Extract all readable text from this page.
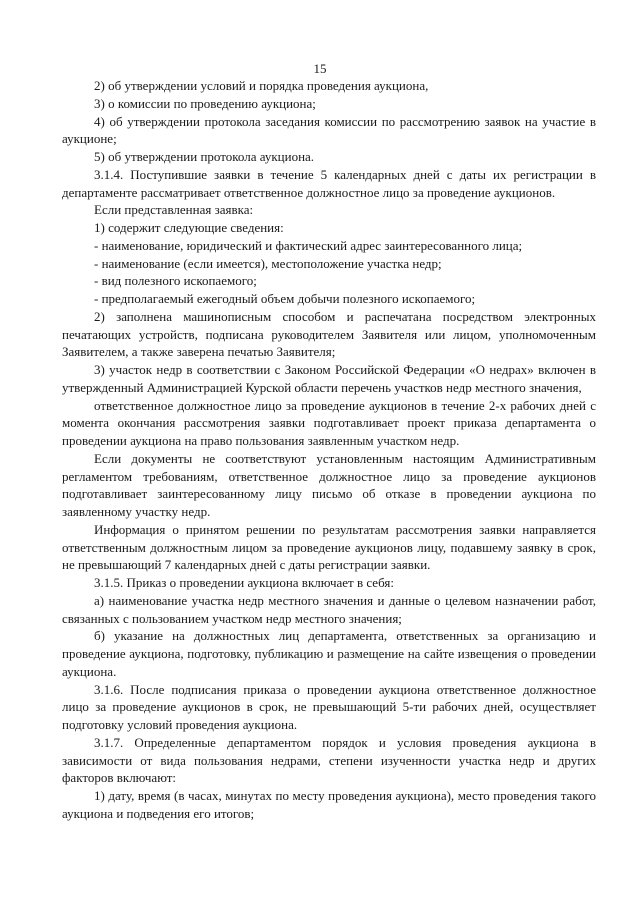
15

2) об утверждении условий и порядка проведения аукциона,

3) о комиссии по проведению аукциона;

4) об утверждении протокола заседания комиссии по рассмотрению заявок на участие в аукционе;

5) об утверждении протокола аукциона.

3.1.4. Поступившие заявки в течение 5 календарных дней с даты их регистрации в департаменте рассматривает ответственное должностное лицо за проведение аукционов.

Если представленная заявка:

1) содержит следующие сведения:

- наименование, юридический и фактический адрес заинтересованного лица;

- наименование (если имеется), местоположение участка недр;

- вид полезного ископаемого;

- предполагаемый ежегодный объем добычи полезного ископаемого;

2) заполнена машинописным способом и распечатана посредством электронных печатающих устройств, подписана руководителем Заявителя или лицом, уполномоченным Заявителем, а также заверена печатью Заявителя;

3) участок недр в соответствии с Законом Российской Федерации «О недрах» включен в утвержденный Администрацией Курской области перечень участков недр местного значения,

ответственное должностное лицо за проведение аукционов в течение 2-х рабочих дней с момента окончания рассмотрения заявки подготавливает проект приказа департамента о проведении аукциона на право пользования заявленным участком недр.

Если документы не соответствуют установленным настоящим Административным регламентом требованиям, ответственное должностное лицо за проведение аукционов подготавливает заинтересованному лицу письмо об отказе в проведении аукциона по заявленному участку недр.

Информация о принятом решении по результатам рассмотрения заявки направляется ответственным должностным лицом за проведение аукционов лицу, подавшему заявку в срок, не превышающий 7 календарных дней с даты регистрации заявки.

3.1.5. Приказ о проведении аукциона включает в себя:

а) наименование участка недр местного значения и данные о целевом назначении работ, связанных с пользованием участком недр местного значения;

б) указание на должностных лиц департамента, ответственных за организацию и проведение аукциона, подготовку, публикацию и размещение на сайте извещения о проведении аукциона.

3.1.6. После подписания приказа о проведении аукциона ответственное должностное лицо за проведение аукционов в срок, не превышающий 5-ти рабочих дней, осуществляет подготовку условий проведения аукциона.

3.1.7. Определенные департаментом порядок и условия проведения аукциона в зависимости от вида пользования недрами, степени изученности участка недр и других факторов включают:

1) дату, время (в часах, минутах по месту проведения аукциона), место проведения такого аукциона и подведения его итогов;
